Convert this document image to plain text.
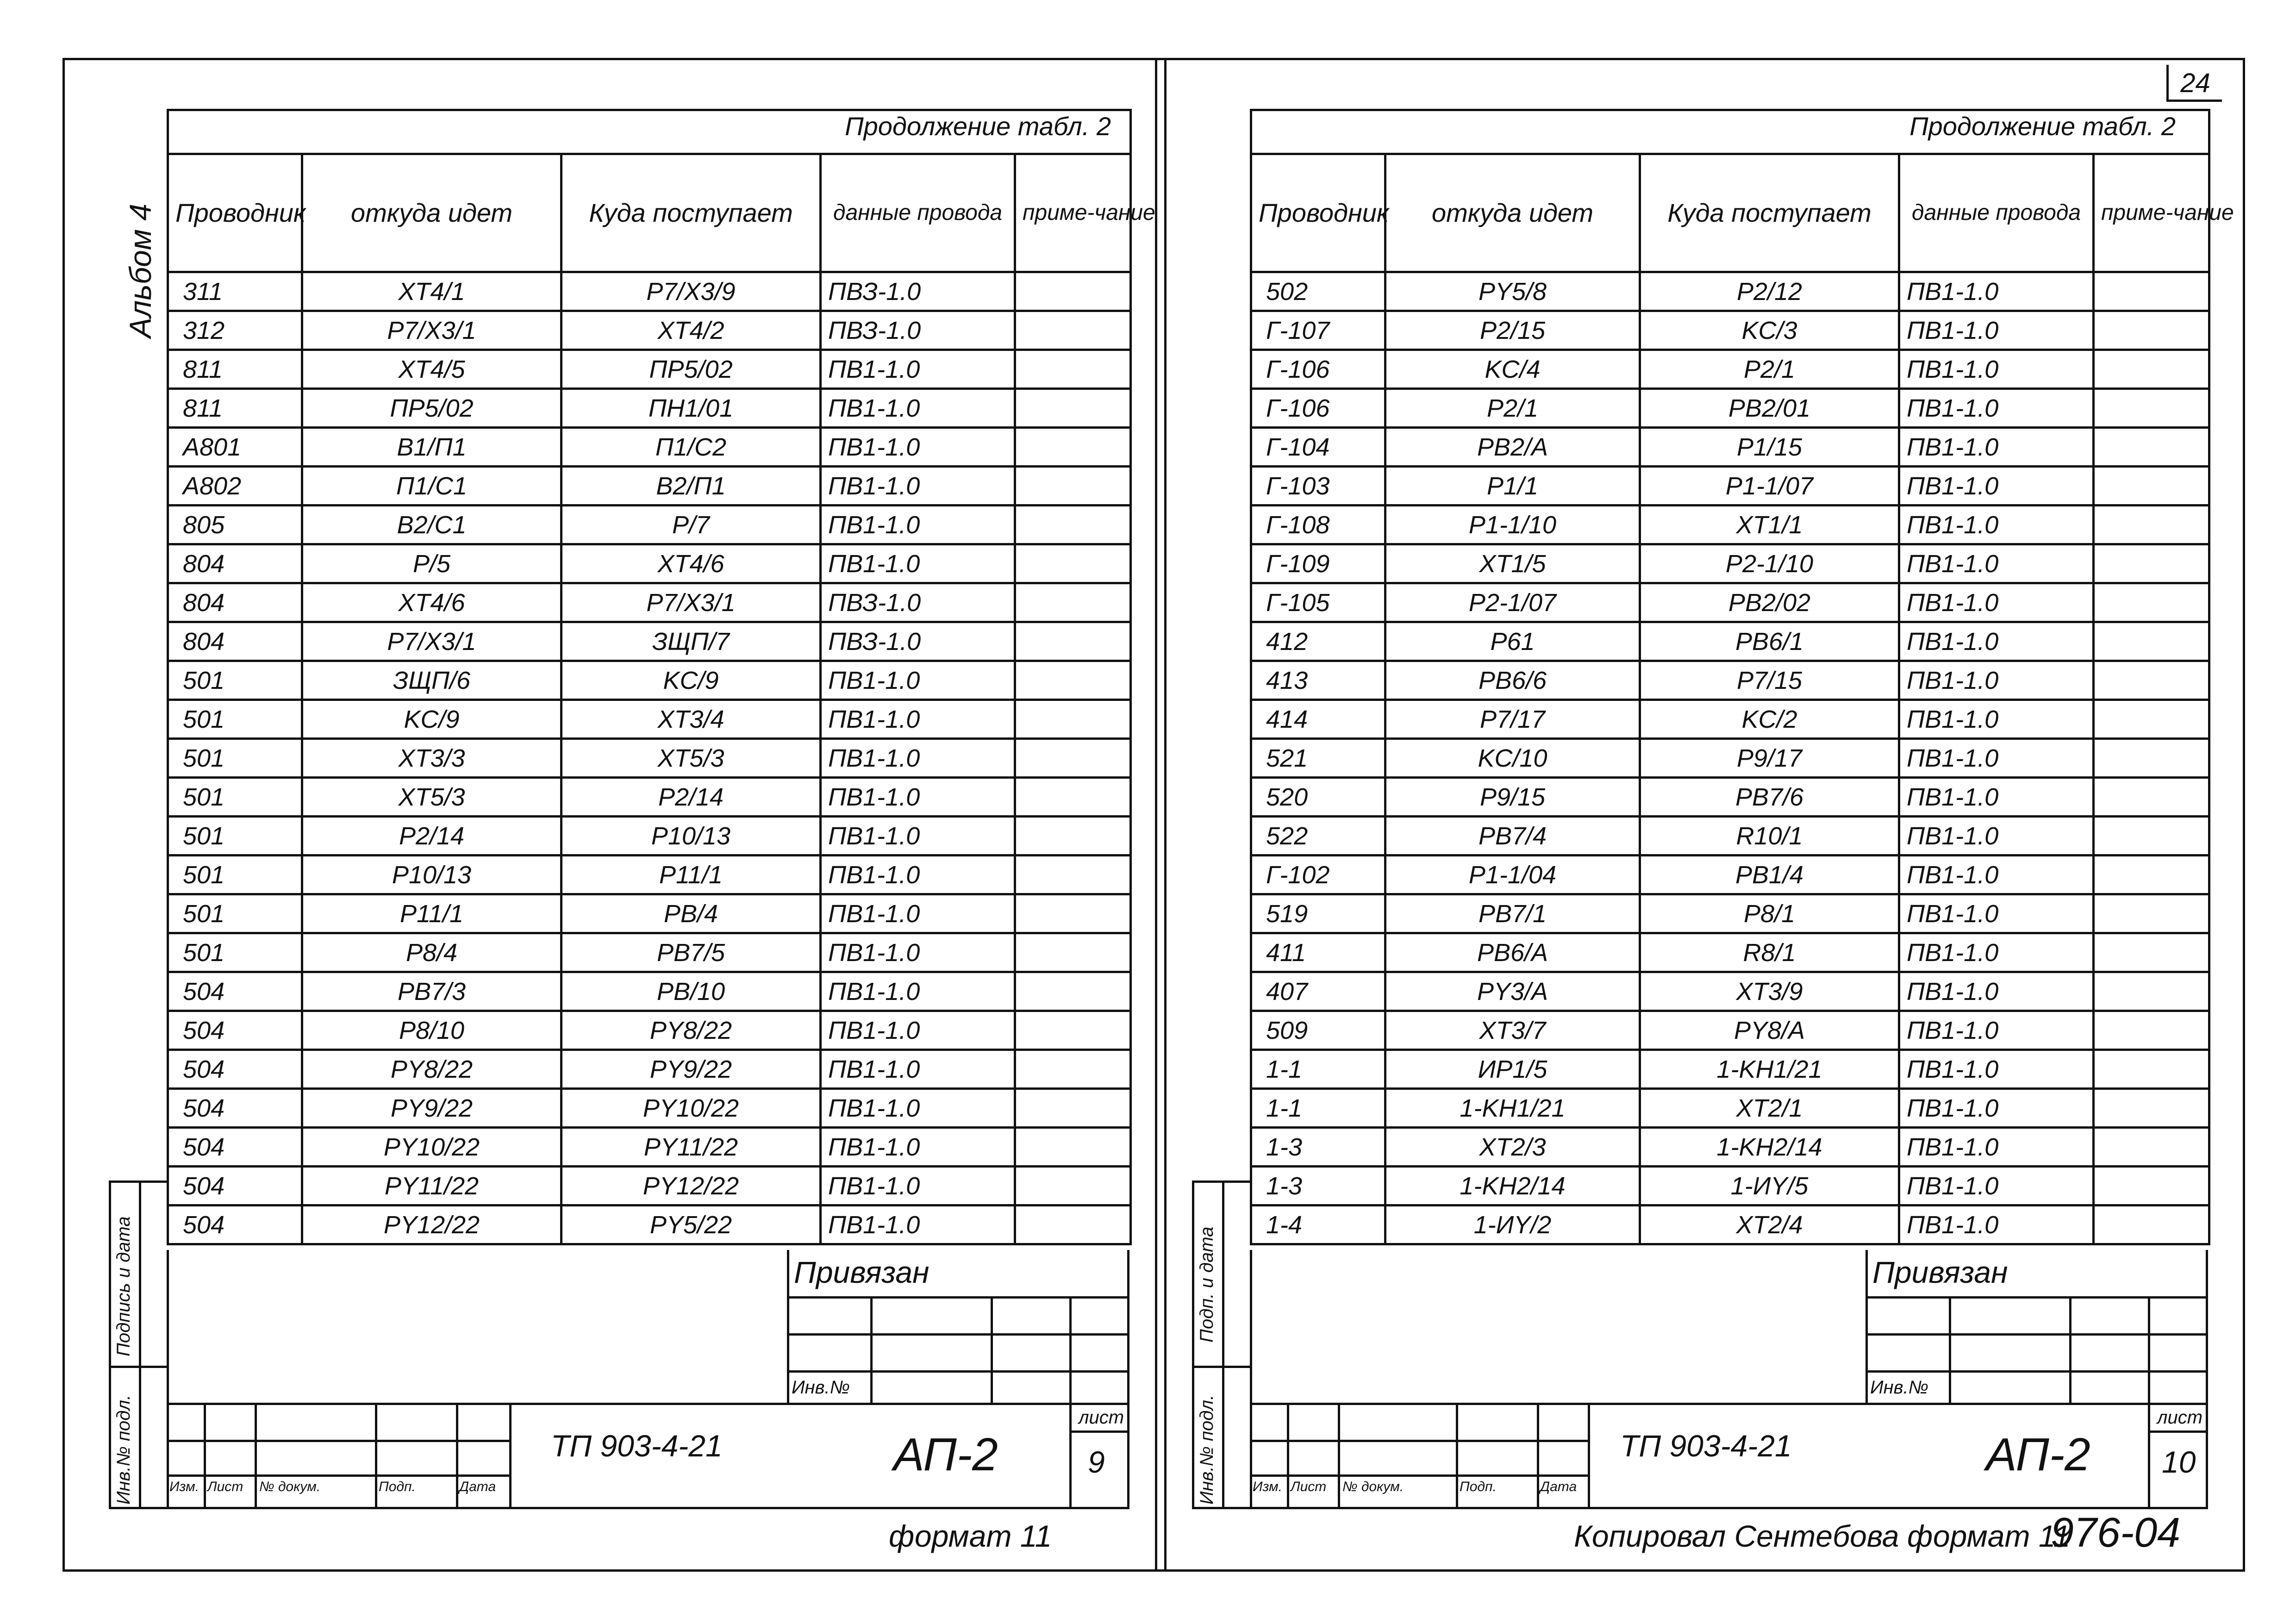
24
Альбом 4
Продолжение табл. 2

Проводник	откуда идет	Куда поступает	данные провода	приме-чание
311	XT4/1	P7/X3/9	ПВЗ-1.0	
312	P7/X3/1	XT4/2	ПВЗ-1.0	
811	XT4/5	ПP5/02	ПВ1-1.0	
811	ПP5/02	ПН1/01	ПВ1-1.0	
A801	B1/П1	П1/C2	ПВ1-1.0	
A802	П1/C1	B2/П1	ПВ1-1.0	
805	B2/C1	P/7	ПВ1-1.0	
804	P/5	XT4/6	ПВ1-1.0	
804	XT4/6	P7/X3/1	ПВЗ-1.0	
804	P7/X3/1	ЗЩП/7	ПВЗ-1.0	
501	ЗЩП/6	KC/9	ПВ1-1.0	
501	KC/9	XT3/4	ПВ1-1.0	
501	XT3/3	XT5/3	ПВ1-1.0	
501	XT5/3	P2/14	ПВ1-1.0	
501	P2/14	P10/13	ПВ1-1.0	
501	P10/13	P11/1	ПВ1-1.0	
501	P11/1	PB/4	ПВ1-1.0	
501	P8/4	PB7/5	ПВ1-1.0	
504	PB7/3	PB/10	ПВ1-1.0	
504	P8/10	PY8/22	ПВ1-1.0	
504	PY8/22	PY9/22	ПВ1-1.0	
504	PY9/22	PY10/22	ПВ1-1.0	
504	PY10/22	PY11/22	ПВ1-1.0	
504	PY11/22	PY12/22	ПВ1-1.0	
504	PY12/22	PY5/22	ПВ1-1.0	
Привязан
Инв.№
Изм. Лист № докум.	Подп.	Дата
ТП 903-4-21	АП-2
лист
9
формат 11
Подпись и дата
Инв.№ подл.
Продолжение табл. 2

Проводник	откуда идет	Куда поступает	данные провода	приме-чание
502	PY5/8	P2/12	ПВ1-1.0	
Г-107	P2/15	KC/3	ПВ1-1.0	
Г-106	KC/4	P2/1	ПВ1-1.0	
Г-106	P2/1	PB2/01	ПВ1-1.0	
Г-104	PB2/A	P1/15	ПВ1-1.0	
Г-103	P1/1	P1-1/07	ПВ1-1.0	
Г-108	P1-1/10	XT1/1	ПВ1-1.0	
Г-109	XT1/5	P2-1/10	ПВ1-1.0	
Г-105	P2-1/07	PB2/02	ПВ1-1.0	
412	P61	PB6/1	ПВ1-1.0	
413	PB6/6	P7/15	ПВ1-1.0	
414	P7/17	KC/2	ПВ1-1.0	
521	KC/10	P9/17	ПВ1-1.0	
520	P9/15	PB7/6	ПВ1-1.0	
522	PB7/4	R10/1	ПВ1-1.0	
Г-102	P1-1/04	PB1/4	ПВ1-1.0	
519	PB7/1	P8/1	ПВ1-1.0	
411	PB6/A	R8/1	ПВ1-1.0	
407	PY3/A	XT3/9	ПВ1-1.0	
509	XT3/7	PY8/A	ПВ1-1.0	
1-1	ИP1/5	1-KH1/21	ПВ1-1.0	
1-1	1-KH1/21	XT2/1	ПВ1-1.0	
1-3	XT2/3	1-KH2/14	ПВ1-1.0	
1-3	1-KH2/14	1-ИY/5	ПВ1-1.0	
1-4	1-ИY/2	XT2/4	ПВ1-1.0	
Привязан
Инв.№
Изм. Лист № докум.	Подп.	Дата
ТП 903-4-21	АП-2
лист
10
Копировал Сентебова формат 11
976-04
Подп. и дата
Инв.№ подл.
